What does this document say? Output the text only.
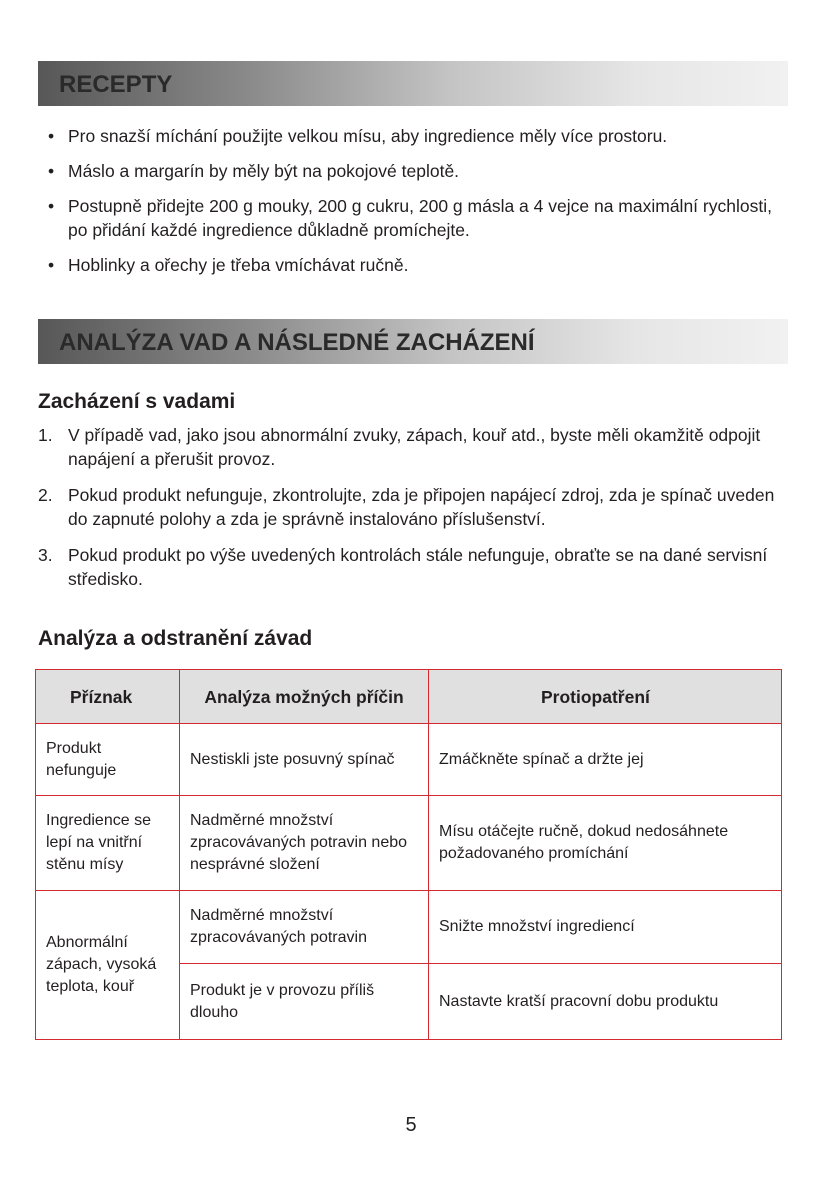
RECEPTY
• Pro snazší míchání použijte velkou mísu, aby ingredience měly více prostoru.
• Máslo a margarín by měly být na pokojové teplotě.
• Postupně přidejte 200 g mouky, 200 g cukru, 200 g másla a 4 vejce na maximální rychlosti, po přidání každé ingredience důkladně promíchejte.
• Hoblinky a ořechy je třeba vmíchávat ručně.
ANALÝZA VAD A NÁSLEDNÉ ZACHÁZENÍ
Zacházení s vadami
1. V případě vad, jako jsou abnormální zvuky, zápach, kouř atd., byste měli okamžitě odpojit napájení a přerušit provoz.
2. Pokud produkt nefunguje, zkontrolujte, zda je připojen napájecí zdroj, zda je spínač uveden do zapnuté polohy a zda je správně instalováno příslušenství.
3. Pokud produkt po výše uvedených kontrolách stále nefunguje, obraťte se na dané servisní středisko.
Analýza a odstranění závad
Příznak	Analýza možných příčin	Protiopatření
Produkt nefunguje	Nestiskli jste posuvný spínač	Zmáčkněte spínač a držte jej
Ingredience se lepí na vnitřní stěnu mísy	Nadměrné množství zpracovávaných potravin nebo nesprávné složení	Mísu otáčejte ručně, dokud nedosáhnete požadovaného promíchání
Abnormální zápach, vysoká teplota, kouř	Nadměrné množství zpracovávaných potravin	Snižte množství ingrediencí
	Produkt je v provozu příliš dlouho	Nastavte kratší pracovní dobu produktu
5
